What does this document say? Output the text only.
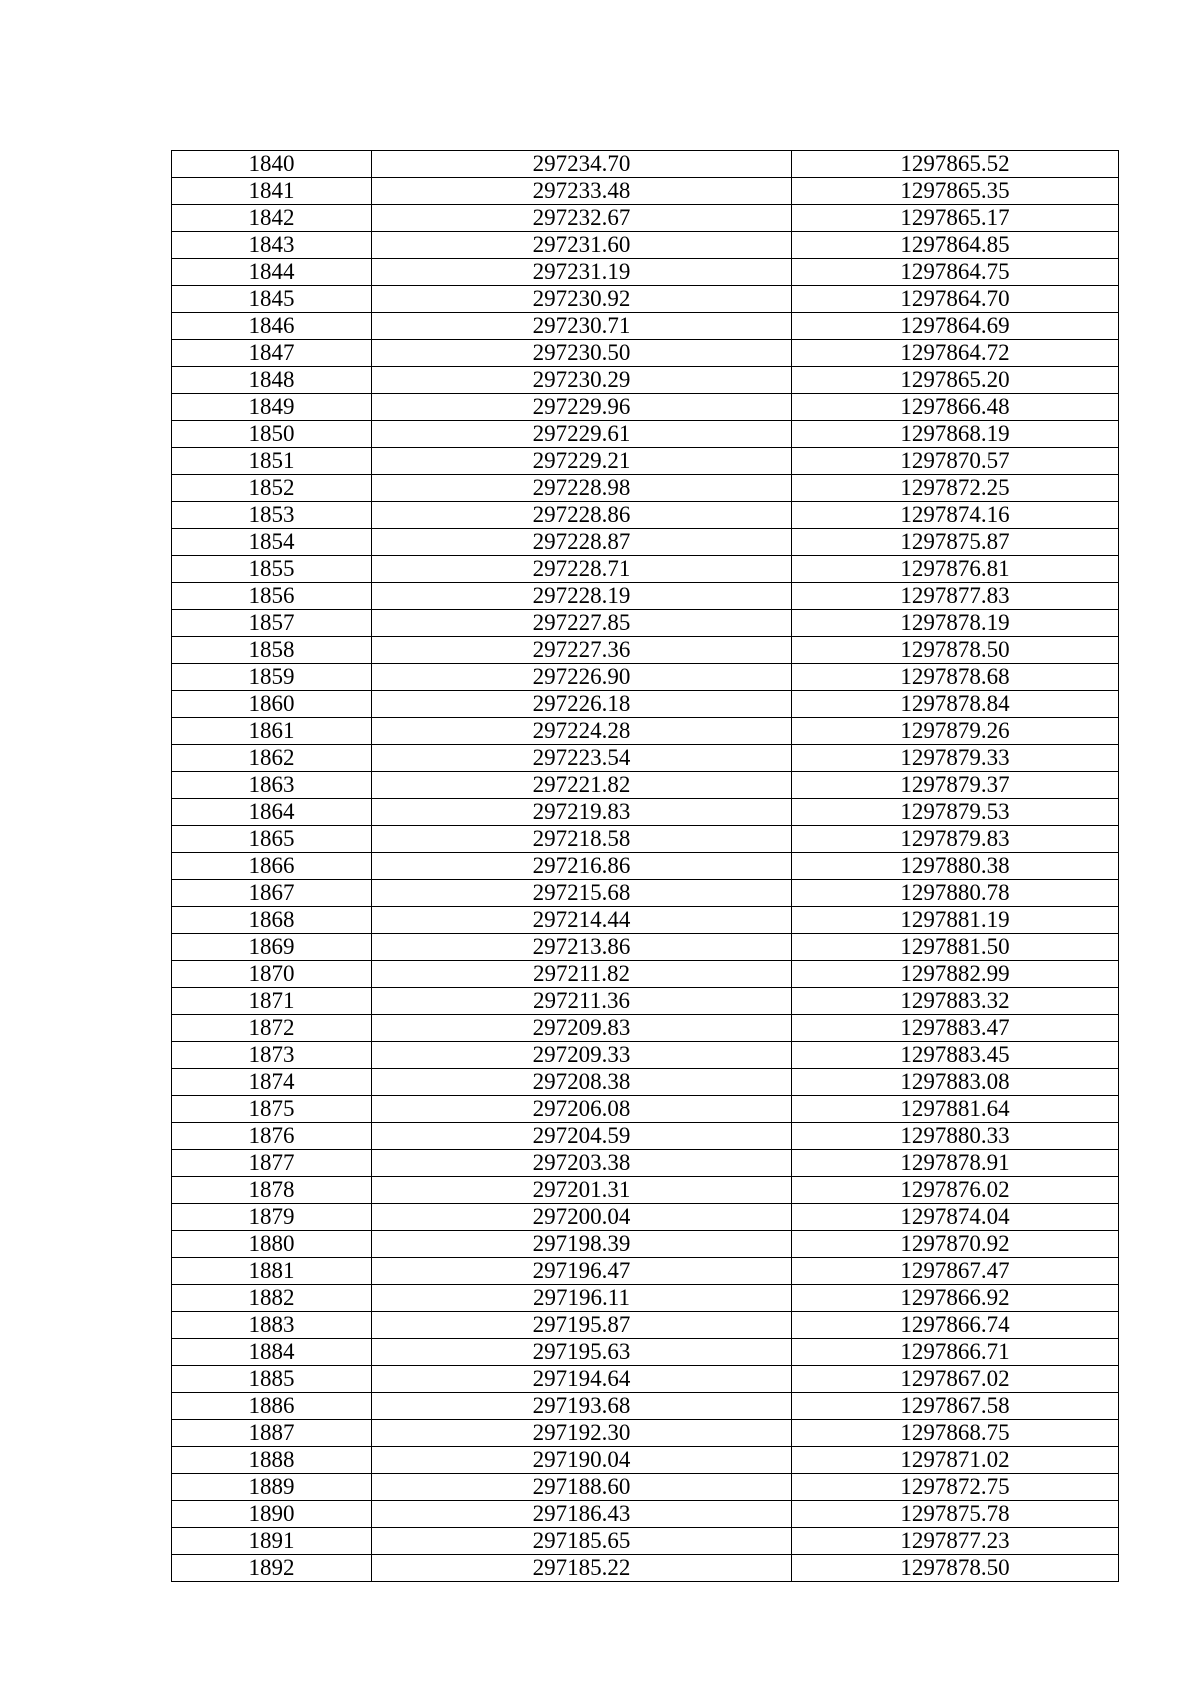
1840	297234.70	1297865.52
1841	297233.48	1297865.35
1842	297232.67	1297865.17
1843	297231.60	1297864.85
1844	297231.19	1297864.75
1845	297230.92	1297864.70
1846	297230.71	1297864.69
1847	297230.50	1297864.72
1848	297230.29	1297865.20
1849	297229.96	1297866.48
1850	297229.61	1297868.19
1851	297229.21	1297870.57
1852	297228.98	1297872.25
1853	297228.86	1297874.16
1854	297228.87	1297875.87
1855	297228.71	1297876.81
1856	297228.19	1297877.83
1857	297227.85	1297878.19
1858	297227.36	1297878.50
1859	297226.90	1297878.68
1860	297226.18	1297878.84
1861	297224.28	1297879.26
1862	297223.54	1297879.33
1863	297221.82	1297879.37
1864	297219.83	1297879.53
1865	297218.58	1297879.83
1866	297216.86	1297880.38
1867	297215.68	1297880.78
1868	297214.44	1297881.19
1869	297213.86	1297881.50
1870	297211.82	1297882.99
1871	297211.36	1297883.32
1872	297209.83	1297883.47
1873	297209.33	1297883.45
1874	297208.38	1297883.08
1875	297206.08	1297881.64
1876	297204.59	1297880.33
1877	297203.38	1297878.91
1878	297201.31	1297876.02
1879	297200.04	1297874.04
1880	297198.39	1297870.92
1881	297196.47	1297867.47
1882	297196.11	1297866.92
1883	297195.87	1297866.74
1884	297195.63	1297866.71
1885	297194.64	1297867.02
1886	297193.68	1297867.58
1887	297192.30	1297868.75
1888	297190.04	1297871.02
1889	297188.60	1297872.75
1890	297186.43	1297875.78
1891	297185.65	1297877.23
1892	297185.22	1297878.50
